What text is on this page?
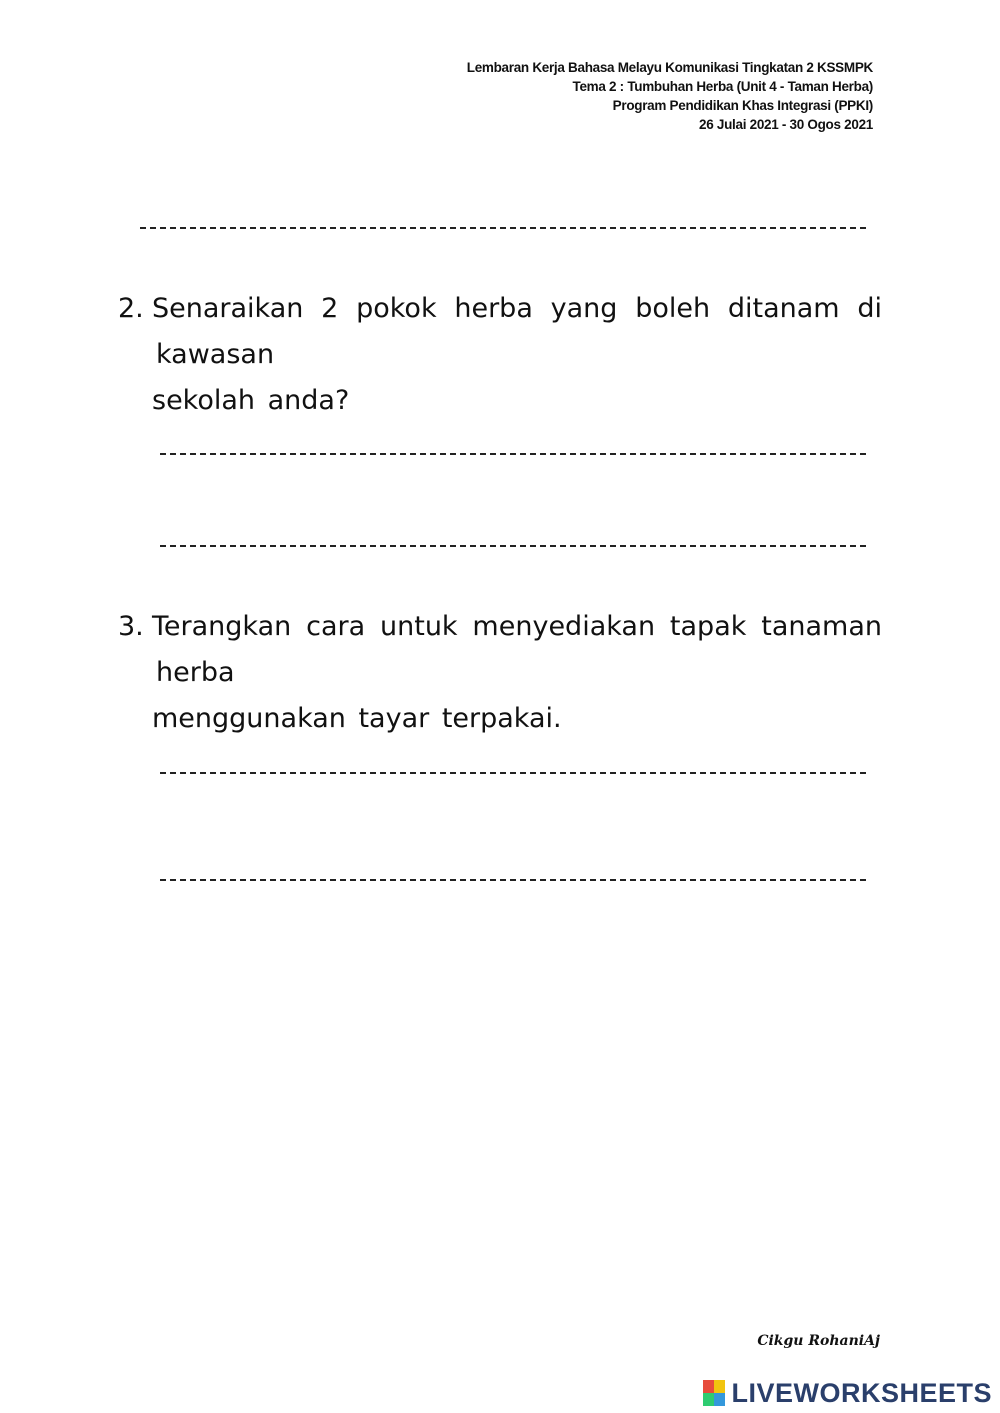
Lembaran Kerja Bahasa Melayu Komunikasi Tingkatan 2 KSSMPK
Tema 2 : Tumbuhan Herba (Unit 4 - Taman Herba)
Program Pendidikan Khas Integrasi (PPKI)
26 Julai 2021 - 30 Ogos 2021
2. Senaraikan 2 pokok herba yang boleh ditanam di kawasan
sekolah anda?
3. Terangkan cara untuk menyediakan tapak tanaman herba
menggunakan tayar terpakai.
Cikgu RohaniAj
LIVEWORKSHEETS
